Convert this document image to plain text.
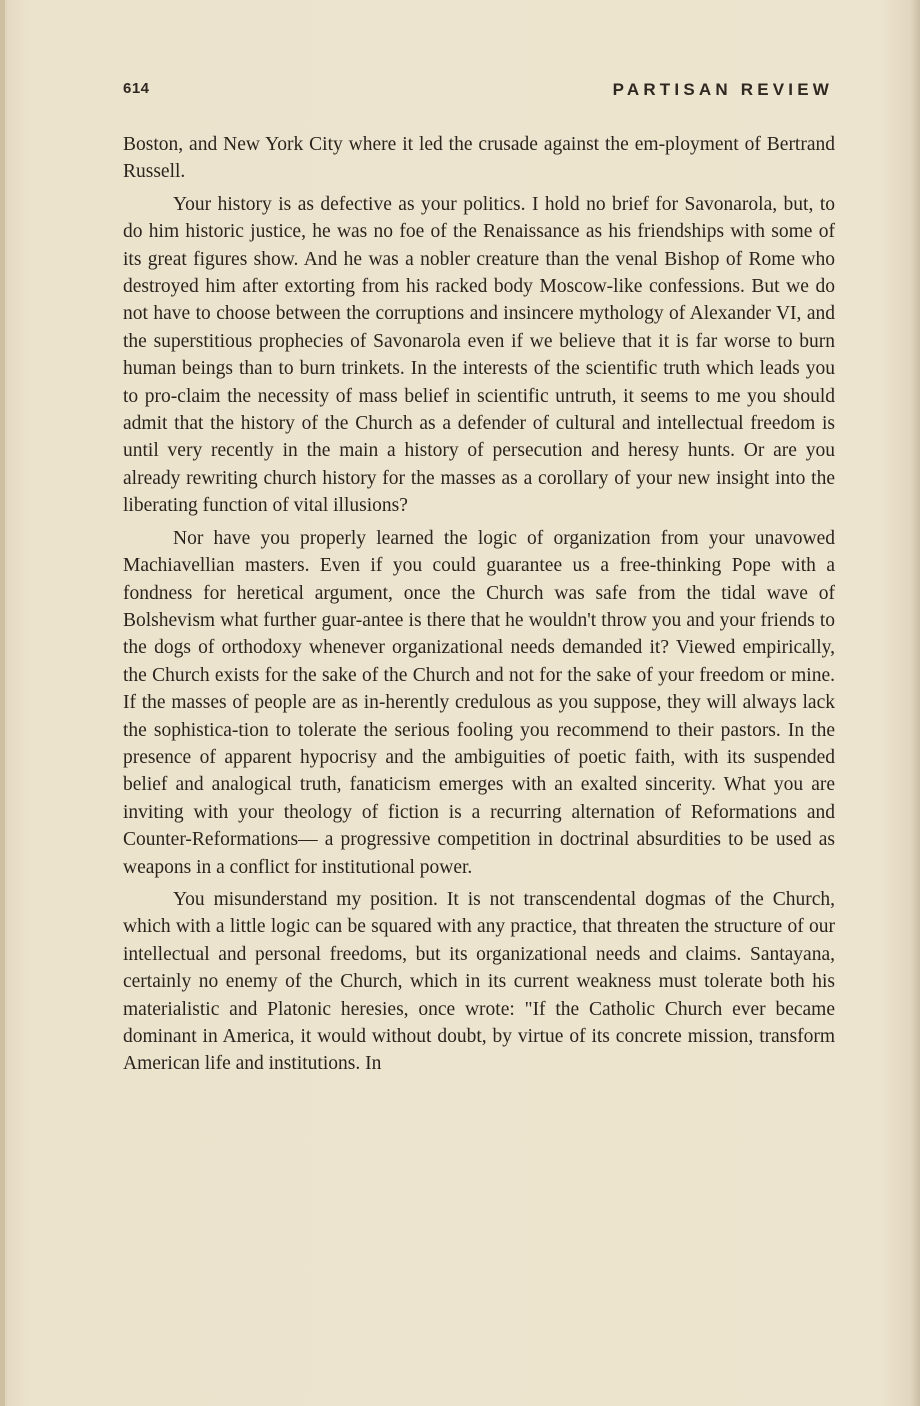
614	PARTISAN REVIEW

Boston, and New York City where it led the crusade against the em-ployment of Bertrand Russell.

Your history is as defective as your politics. I hold no brief for Savonarola, but, to do him historic justice, he was no foe of the Renaissance as his friendships with some of its great figures show. And he was a nobler creature than the venal Bishop of Rome who destroyed him after extorting from his racked body Moscow-like confessions. But we do not have to choose between the corruptions and insincere mythology of Alexander VI, and the superstitious prophecies of Savonarola even if we believe that it is far worse to burn human beings than to burn trinkets. In the interests of the scientific truth which leads you to pro-claim the necessity of mass belief in scientific untruth, it seems to me you should admit that the history of the Church as a defender of cultural and intellectual freedom is until very recently in the main a history of persecution and heresy hunts. Or are you already rewriting church history for the masses as a corollary of your new insight into the liberating function of vital illusions?

Nor have you properly learned the logic of organization from your unavowed Machiavellian masters. Even if you could guarantee us a free-thinking Pope with a fondness for heretical argument, once the Church was safe from the tidal wave of Bolshevism what further guar-antee is there that he wouldn't throw you and your friends to the dogs of orthodoxy whenever organizational needs demanded it? Viewed empirically, the Church exists for the sake of the Church and not for the sake of your freedom or mine. If the masses of people are as in-herently credulous as you suppose, they will always lack the sophistica-tion to tolerate the serious fooling you recommend to their pastors. In the presence of apparent hypocrisy and the ambiguities of poetic faith, with its suspended belief and analogical truth, fanaticism emerges with an exalted sincerity. What you are inviting with your theology of fiction is a recurring alternation of Reformations and Counter-Reformations— a progressive competition in doctrinal absurdities to be used as weapons in a conflict for institutional power.

You misunderstand my position. It is not transcendental dogmas of the Church, which with a little logic can be squared with any practice, that threaten the structure of our intellectual and personal freedoms, but its organizational needs and claims. Santayana, certainly no enemy of the Church, which in its current weakness must tolerate both his materialistic and Platonic heresies, once wrote: "If the Catholic Church ever became dominant in America, it would without doubt, by virtue of its concrete mission, transform American life and institutions. In
